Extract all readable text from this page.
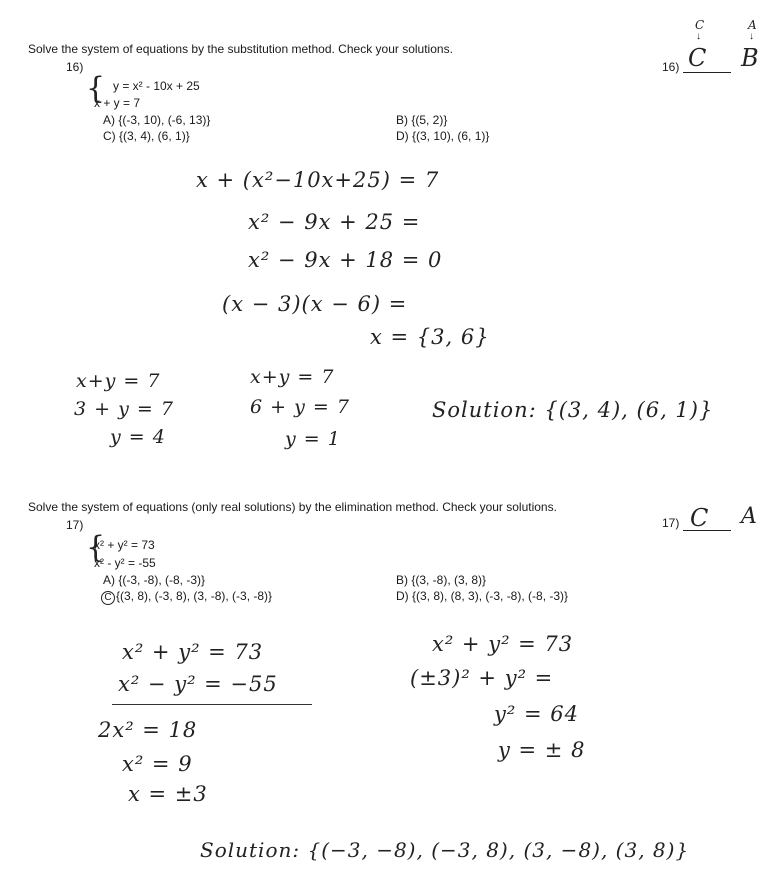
Solve the system of equations by the substitution method. Check your solutions.
16)
{ y = x² - 10x + 25
x + y = 7
A) {(-3, 10), (-6, 13)}	B) {(5, 2)}
C) {(3, 4), (6, 1)}	D) {(3, 10), (6, 1)}
16)
C	A
↓	↓
C B
x + (x²−10x+25) = 7
x² − 9x + 25 =
x² − 9x + 18 = 0
(x − 3)(x − 6) =
x = {3, 6}
x+y = 7
3 + y = 7
y = 4
x+y = 7
6 + y = 7
y = 1
Solution: {(3, 4), (6, 1)}
Solve the system of equations (only real solutions) by the elimination method. Check your solutions.
17)
{
x² + y² = 73
x² - y² = -55
A) {(-3, -8), (-8, -3)}	B) {(3, -8), (3, 8)}
C {(3, 8), (-3, 8), (3, -8), (-3, -8)}	D) {(3, 8), (8, 3), (-3, -8), (-8, -3)}
17) C A
x² + y² = 73
x² − y² = −55
2x² = 18
x² = 9
x = ±3
x² + y² = 73
(±3)² + y² =
y² = 64
y = ± 8
Solution: {(−3, −8), (−3, 8), (3, −8), (3, 8)}
